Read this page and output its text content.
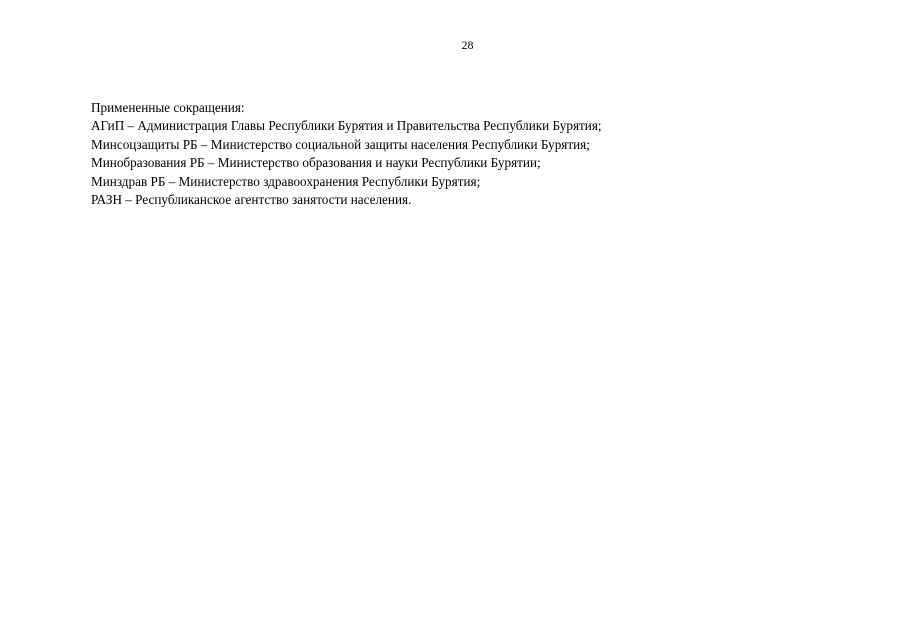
28
Примененные сокращения:
АГиП – Администрация Главы Республики Бурятия и Правительства Республики Бурятия;
Минсоцзащиты РБ – Министерство социальной защиты населения Республики Бурятия;
Минобразования РБ – Министерство образования и науки Республики Бурятии;
Минздрав РБ – Министерство здравоохранения Республики Бурятия;
РАЗН – Республиканское агентство занятости населения.
